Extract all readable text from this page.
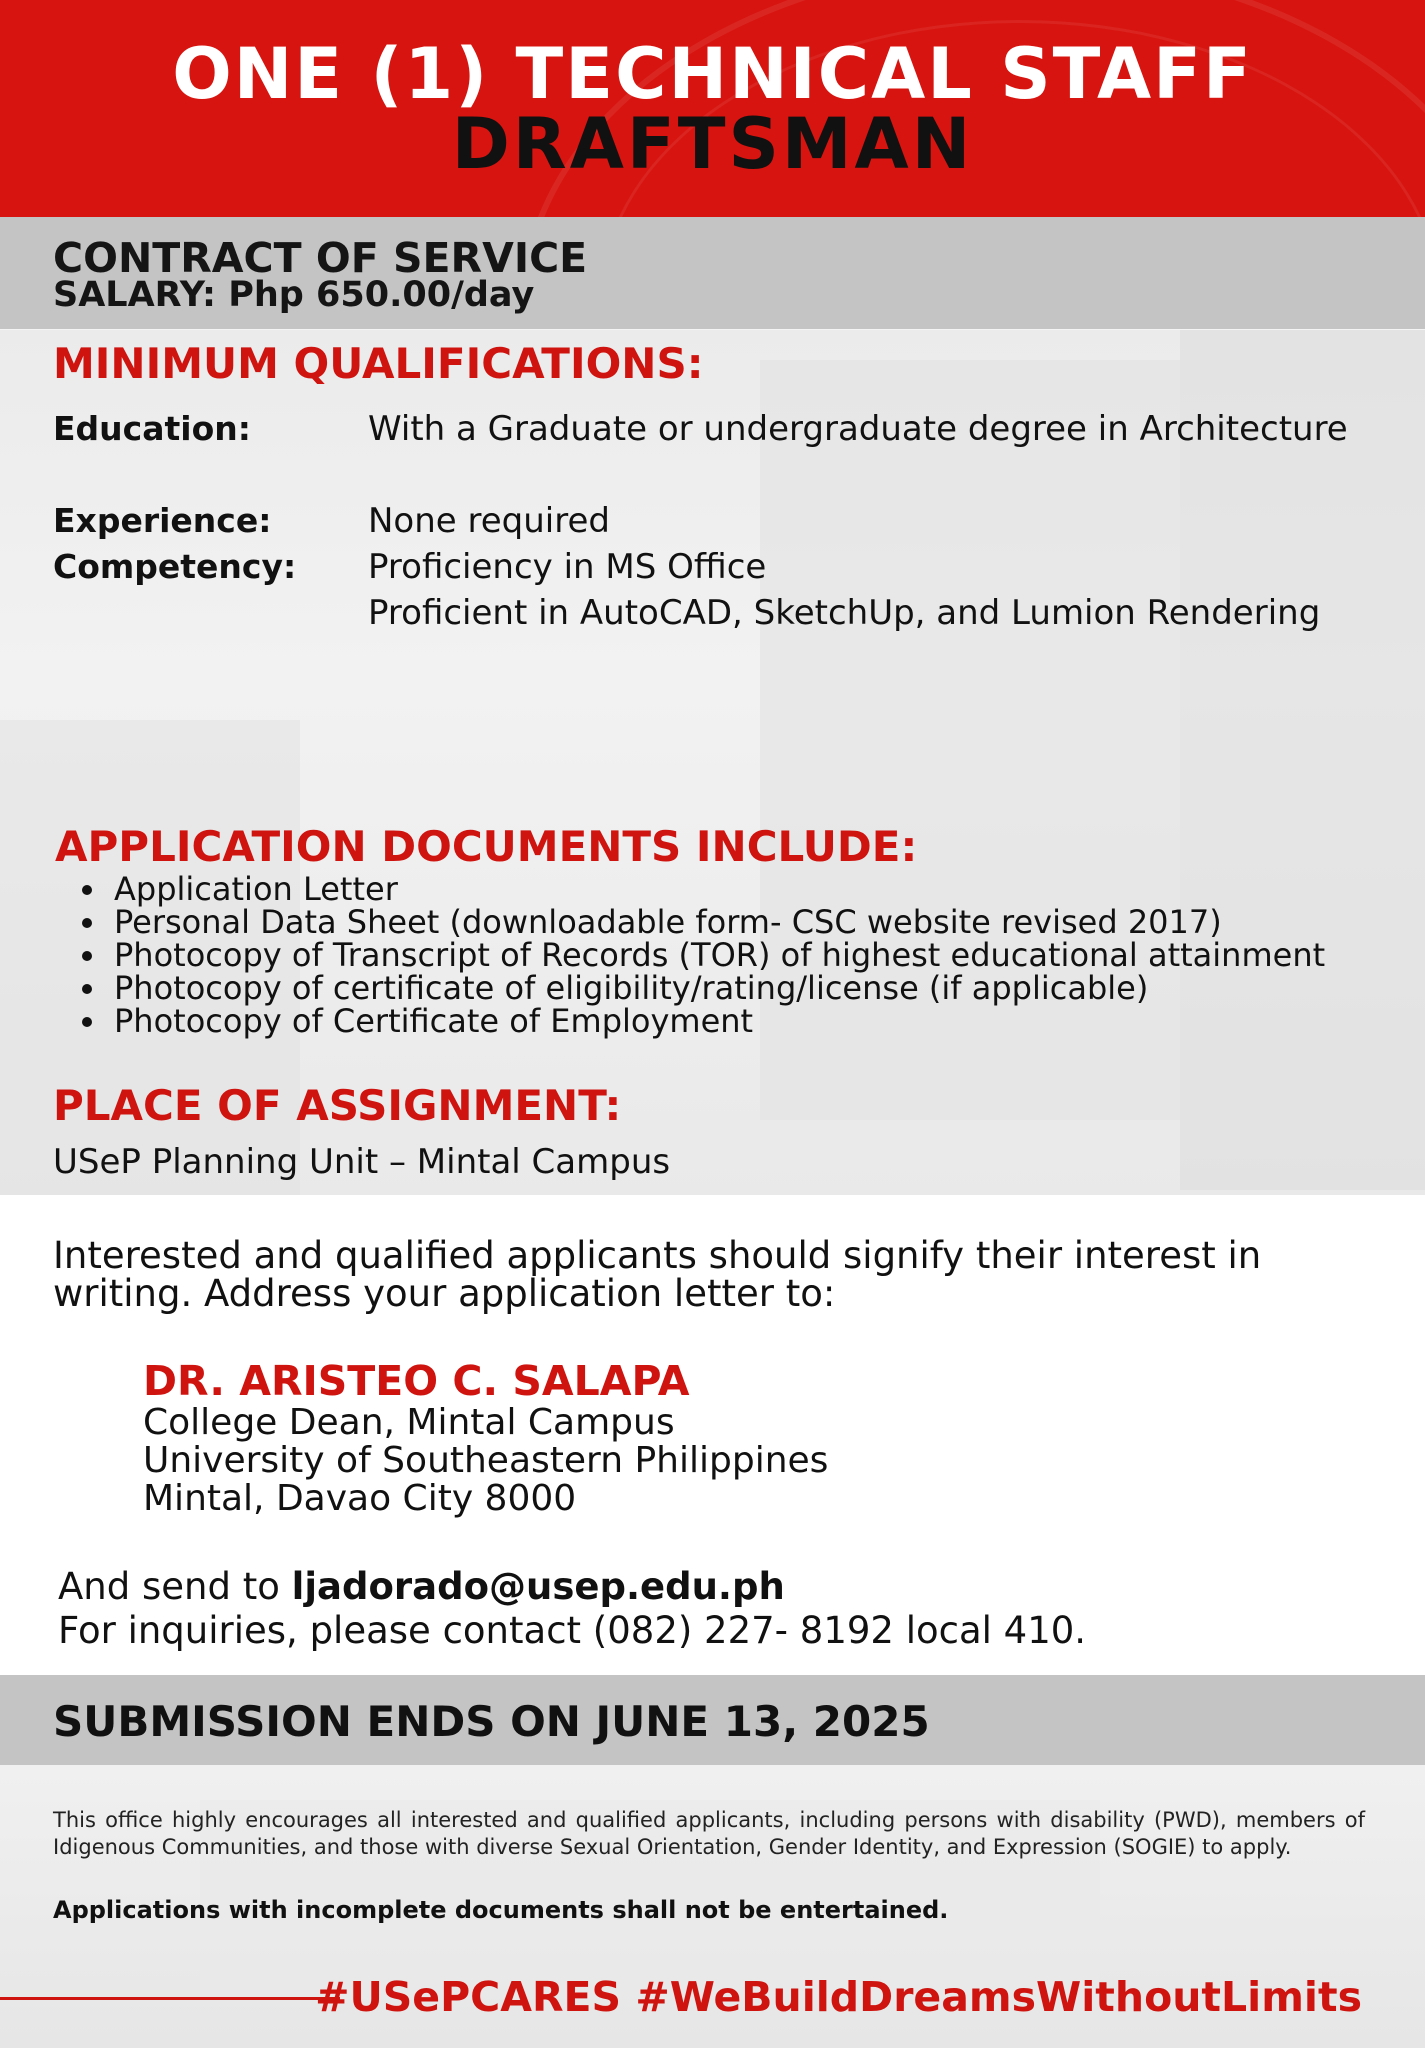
ONE (1) TECHNICAL STAFF
DRAFTSMAN
CONTRACT OF SERVICE
SALARY: Php 650.00/day
MINIMUM QUALIFICATIONS:
Education:	With a Graduate or undergraduate degree in Architecture
Experience:	None required
Competency: Proficiency in MS Office
Proficient in AutoCAD, SketchUp, and Lumion Rendering
APPLICATION DOCUMENTS INCLUDE:
Application Letter
Personal Data Sheet (downloadable form- CSC website revised 2017)
Photocopy of Transcript of Records (TOR) of highest educational attainment
Photocopy of certificate of eligibility/rating/license (if applicable)
Photocopy of Certificate of Employment
PLACE OF ASSIGNMENT:
USeP Planning Unit – Mintal Campus
Interested and qualified applicants should signify their interest in writing. Address your application letter to:
DR. ARISTEO C. SALAPA
College Dean, Mintal Campus
University of Southeastern Philippines
Mintal, Davao City 8000
And send to ljadorado@usep.edu.ph
For inquiries, please contact (082) 227- 8192 local 410.
SUBMISSION ENDS ON JUNE 13, 2025
This office highly encourages all interested and qualified applicants, including persons with disability (PWD), members of Idigenous Communities, and those with diverse Sexual Orientation, Gender Identity, and Expression (SOGIE) to apply.
Applications with incomplete documents shall not be entertained.
#USePCARES #WeBuildDreamsWithoutLimits
